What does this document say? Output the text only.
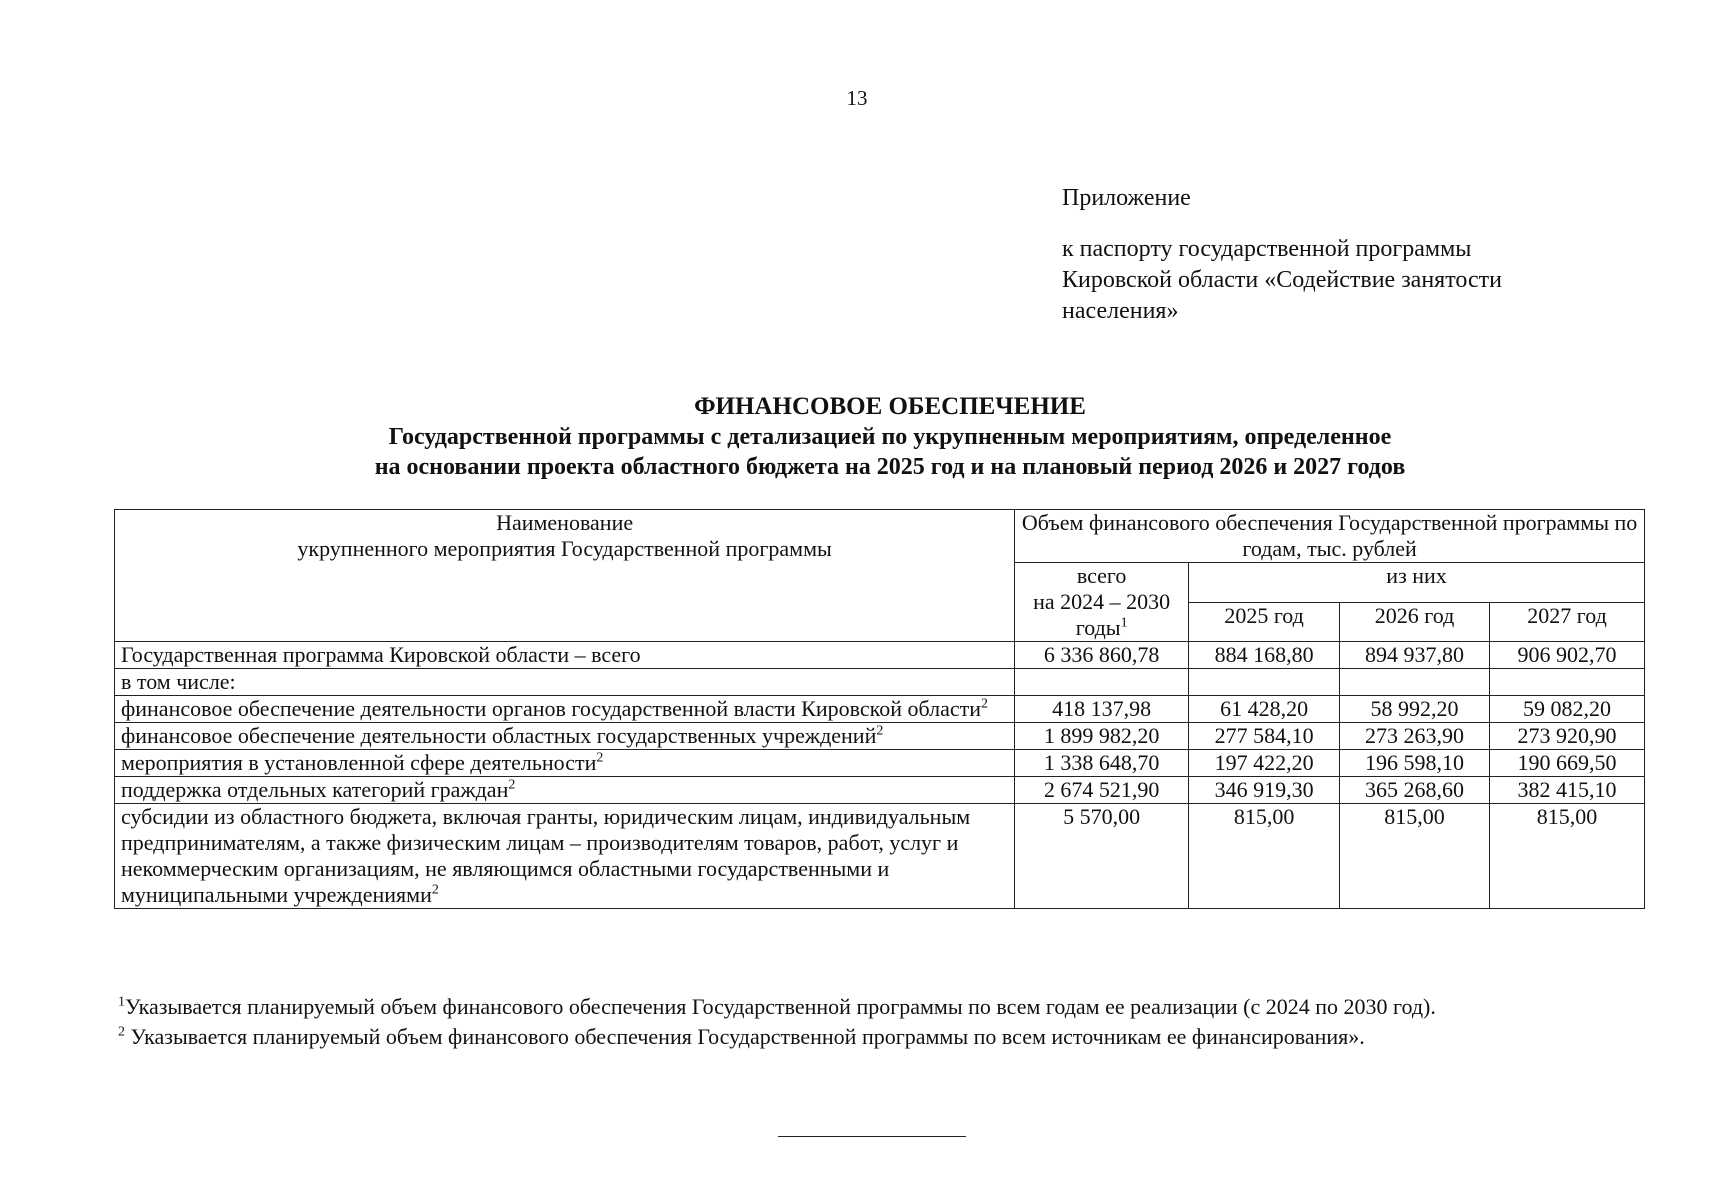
13
Приложение
к паспорту государственной программы
Кировской области «Содействие занятости
населения»
ФИНАНСОВОЕ ОБЕСПЕЧЕНИЕ
Государственной программы с детализацией по укрупненным мероприятиям, определенное
на основании проекта областного бюджета на 2025 год и на плановый период 2026 и 2027 годов
Наименование
укрупненного мероприятия Государственной программы	Объем финансового обеспечения Государственной программы по годам, тыс. рублей			

	всего
на 2024 – 2030
годы$^1$	из них		
		2025 год	2026 год	2027 год
Государственная программа Кировской области – всего	6 336 860,78	884 168,80	894 937,80	906 902,70
в том числе:				
финансовое обеспечение деятельности органов государственной власти Кировской области$^2$	418 137,98	61 428,20	58 992,20	59 082,20
финансовое обеспечение деятельности областных государственных учреждений$^2$	1 899 982,20	277 584,10	273 263,90	273 920,90
мероприятия в установленной сфере деятельности$^2$	1 338 648,70	197 422,20	196 598,10	190 669,50
поддержка отдельных категорий граждан$^2$	2 674 521,90	346 919,30	365 268,60	382 415,10
субсидии из областного бюджета, включая гранты, юридическим лицам, индивидуальным предпринимателям, а также физическим лицам – производителям товаров, работ, услуг и некоммерческим организациям, не являющимся областными государственными и муниципальными учреждениями$^2$	5 570,00	815,00	815,00	815,00
$^1$Указывается планируемый объем финансового обеспечения Государственной программы по всем годам ее реализации (с 2024 по 2030 год).
$^2$ Указывается планируемый объем финансового обеспечения Государственной программы по всем источникам ее финансирования».
